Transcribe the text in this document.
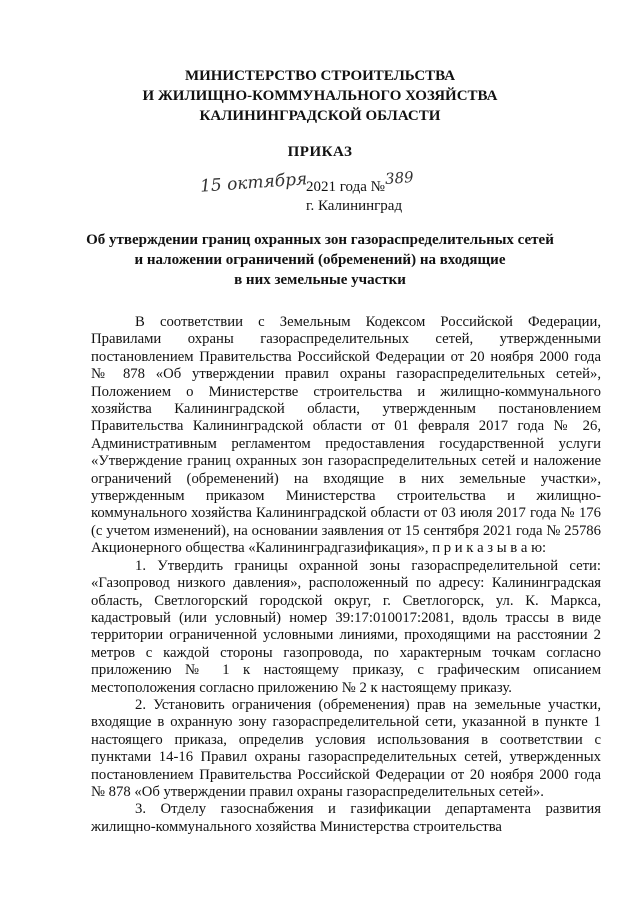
МИНИСТЕРСТВО СТРОИТЕЛЬСТВА
И ЖИЛИЩНО-КОММУНАЛЬНОГО ХОЗЯЙСТВА
КАЛИНИНГРАДСКОЙ ОБЛАСТИ
ПРИКАЗ
15 октября
2021 года № 389
г. Калининград
Об утверждении границ охранных зон газораспределительных сетей
и наложении ограничений (обременений) на входящие
в них земельные участки

В соответствии с Земельным Кодексом Российской Федерации, Правилами охраны газораспределительных сетей, утвержденными постановлением Правительства Российской Федерации от 20 ноября 2000 года № 878 «Об утверждении правил охраны газораспределительных сетей», Положением о Министерстве строительства и жилищно-коммунального хозяйства Калининградской области, утвержденным постановлением Правительства Калининградской области от 01 февраля 2017 года № 26, Административным регламентом предоставления государственной услуги «Утверждение границ охранных зон газораспределительных сетей и наложение ограничений (обременений) на входящие в них земельные участки», утвержденным приказом Министерства строительства и жилищно-коммунального хозяйства Калининградской области от 03 июля 2017 года № 176 (с учетом изменений), на основании заявления от 15 сентября 2021 года № 25786 Акционерного общества «Калининградгазификация», п р и к а з ы в а ю:

1. Утвердить границы охранной зоны газораспределительной сети: «Газопровод низкого давления», расположенный по адресу: Калининградская область, Светлогорский городской округ, г. Светлогорск, ул. К. Маркса, кадастровый (или условный) номер 39:17:010017:2081, вдоль трассы в виде территории ограниченной условными линиями, проходящими на расстоянии 2 метров с каждой стороны газопровода, по характерным точкам согласно приложению № 1 к настоящему приказу, с графическим описанием местоположения согласно приложению № 2 к настоящему приказу.

2. Установить ограничения (обременения) прав на земельные участки, входящие в охранную зону газораспределительной сети, указанной в пункте 1 настоящего приказа, определив условия использования в соответствии с пунктами 14-16 Правил охраны газораспределительных сетей, утвержденных постановлением Правительства Российской Федерации от 20 ноября 2000 года № 878 «Об утверждении правил охраны газораспределительных сетей».

3. Отделу газоснабжения и газификации департамента развития жилищно-коммунального хозяйства Министерства строительства
